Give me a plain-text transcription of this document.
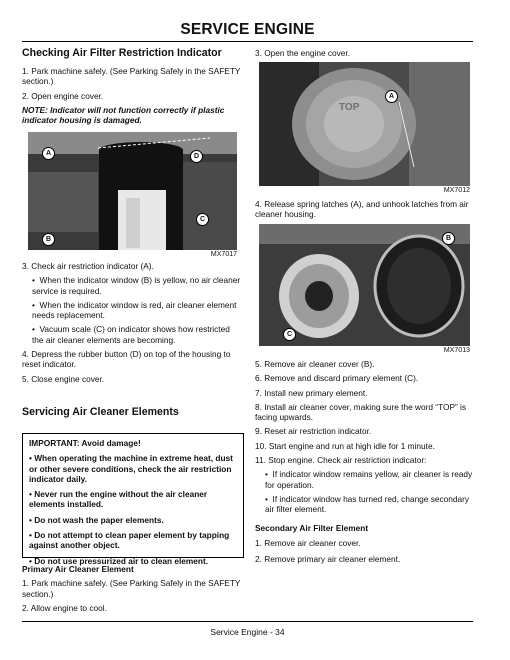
SERVICE ENGINE

Checking Air Filter Restriction Indicator

1. Park machine safely. (See Parking Safely in the SAFETY section.)

2. Open engine cover.

NOTE: Indicator will not function correctly if plastic indicator housing is damaged.

A	D
B
C
MX7017

3. Check air restriction indicator (A).

•  When the indicator window (B) is yellow, no air cleaner service is required.

•  When the indicator window is red, air cleaner element needs replacement.

•  Vacuum scale (C) on indicator shows how restricted the air cleaner elements are becoming.

4. Depress the rubber button (D) on top of the housing to reset indicator.

5. Close engine cover.

Servicing Air Cleaner Elements

IMPORTANT: Avoid damage!

• When operating the machine in extreme heat, dust or other severe conditions, check the air restriction indicator daily.

• Never run the engine without the air cleaner elements installed.

• Do not wash the paper elements.

• Do not attempt to clean paper element by tapping against another object.

• Do not use pressurized air to clean element.

Primary Air Cleaner Element

1. Park machine safely. (See Parking Safely in the SAFETY section.)

2. Allow engine to cool.

3. Open the engine cover.

TOP
A
MX7012

4. Release spring latches (A), and unhook latches from air cleaner housing.

B
C
MX7013

5. Remove air cleaner cover (B).

6. Remove and discard primary element (C).

7. Install new primary element.

8. Install air cleaner cover, making sure the word “TOP” is facing upwards.

9. Reset air restriction indicator.

10. Start engine and run at high idle for 1 minute.

11. Stop engine. Check air restriction indicator:

•  If indicator window remains yellow, air cleaner is ready for operation.

•  If indicator window has turned red, change secondary air filter element.

Secondary Air Filter Element

1. Remove air cleaner cover.

2. Remove primary air cleaner element.

Service Engine - 34
